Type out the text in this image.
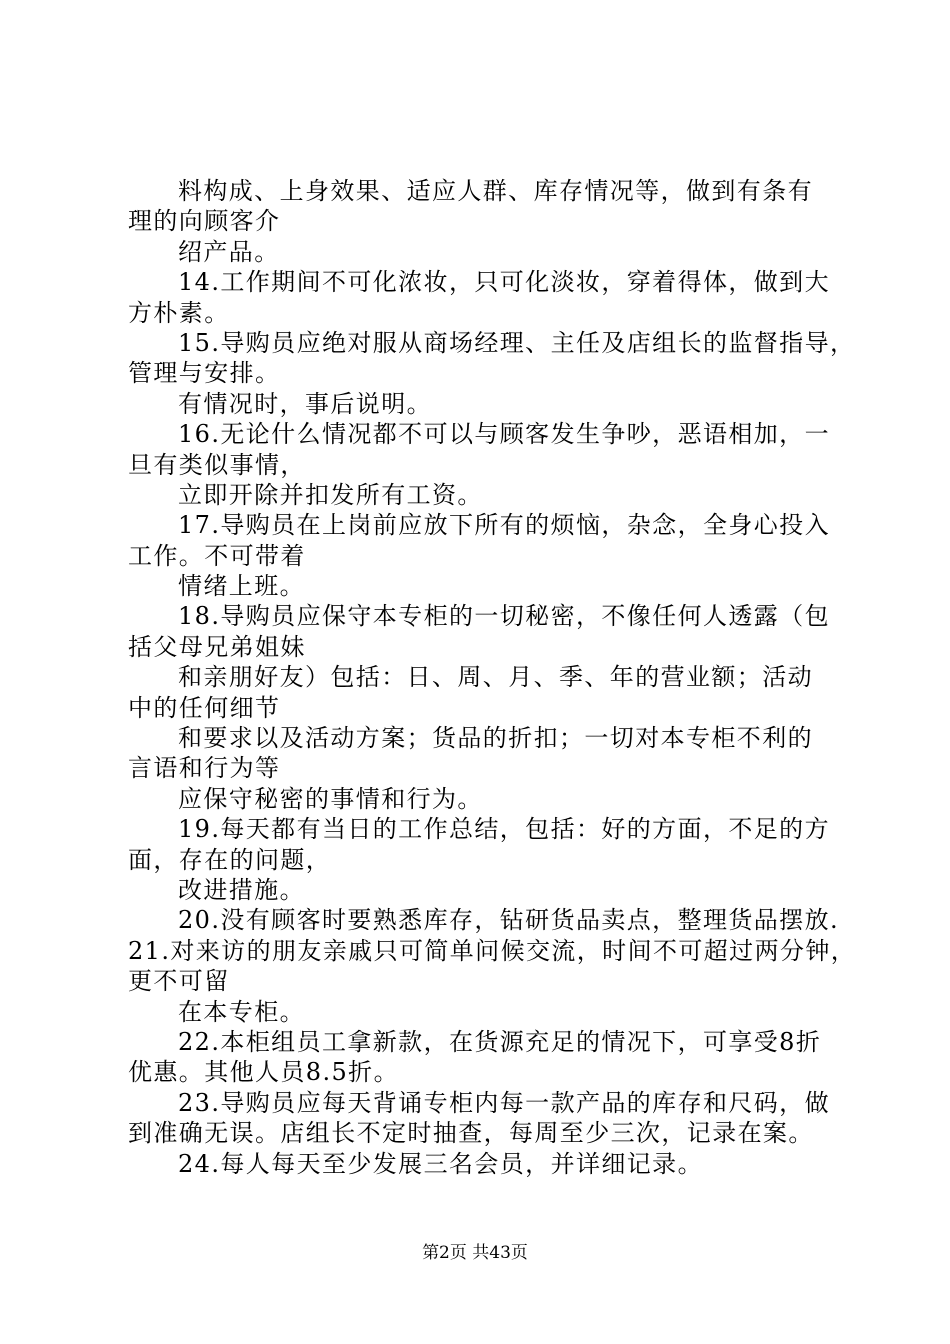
料构成、上身效果、适应人群、库存情况等，做到有条有
理的向顾客介
绍产品。
14.工作期间不可化浓妆，只可化淡妆，穿着得体，做到大
方朴素。
15.导购员应绝对服从商场经理、主任及店组长的监督指导，
管理与安排。
有情况时，事后说明。
16.无论什么情况都不可以与顾客发生争吵，恶语相加，一
旦有类似事情，
立即开除并扣发所有工资。
17.导购员在上岗前应放下所有的烦恼，杂念，全身心投入
工作。不可带着
情绪上班。
18.导购员应保守本专柜的一切秘密，不像任何人透露（包
括父母兄弟姐妹
和亲朋好友）包括：日、周、月、季、年的营业额；活动
中的任何细节
和要求以及活动方案；货品的折扣；一切对本专柜不利的
言语和行为等
应保守秘密的事情和行为。
19.每天都有当日的工作总结，包括：好的方面，不足的方
面，存在的问题，
改进措施。
20.没有顾客时要熟悉库存，钻研货品卖点，整理货品摆放.
21.对来访的朋友亲戚只可简单问候交流，时间不可超过两分钟，
更不可留
在本专柜。
22.本柜组员工拿新款，在货源充足的情况下，可享受8折
优惠。其他人员8.5折。
23.导购员应每天背诵专柜内每一款产品的库存和尺码，做
到准确无误。店组长不定时抽查，每周至少三次，记录在案。
24.每人每天至少发展三名会员，并详细记录。
第2页 共43页
